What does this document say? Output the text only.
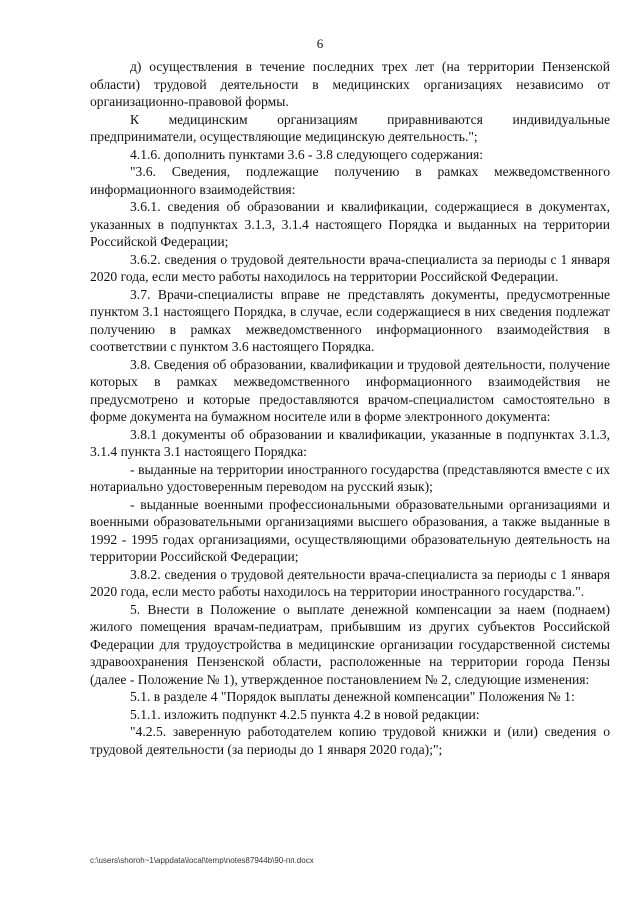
6

д) осуществления в течение последних трех лет (на территории Пензенской области) трудовой деятельности в медицинских организациях независимо от организационно-правовой формы.

К медицинским организациям приравниваются индивидуальные предприниматели, осуществляющие медицинскую деятельность.";

4.1.6. дополнить пунктами 3.6 - 3.8 следующего содержания:

"3.6. Сведения, подлежащие получению в рамках межведомственного информационного взаимодействия:

3.6.1. сведения об образовании и квалификации, содержащиеся в документах, указанных в подпунктах 3.1.3, 3.1.4 настоящего Порядка и выданных на территории Российской Федерации;

3.6.2. сведения о трудовой деятельности врача-специалиста за периоды с 1 января 2020 года, если место работы находилось на территории Российской Федерации.

3.7. Врачи-специалисты вправе не представлять документы, предусмотренные пунктом 3.1 настоящего Порядка, в случае, если содержащиеся в них сведения подлежат получению в рамках межведомственного информационного взаимодействия в соответствии с пунктом 3.6 настоящего Порядка.

3.8. Сведения об образовании, квалификации и трудовой деятельности, получение которых в рамках межведомственного информационного взаимодействия не предусмотрено и которые предоставляются врачом-специалистом самостоятельно в форме документа на бумажном носителе или в форме электронного документа:

3.8.1 документы об образовании и квалификации, указанные в подпунктах 3.1.3, 3.1.4 пункта 3.1 настоящего Порядка:

- выданные на территории иностранного государства (представляются вместе с их нотариально удостоверенным переводом на русский язык);

- выданные военными профессиональными образовательными организациями и военными образовательными организациями высшего образования, а также выданные в 1992 - 1995 годах организациями, осуществляющими образовательную деятельность на территории Российской Федерации;

3.8.2. сведения о трудовой деятельности врача-специалиста за периоды с 1 января 2020 года, если место работы находилось на территории иностранного государства.".

5. Внести в Положение о выплате денежной компенсации за наем (поднаем) жилого помещения врачам-педиатрам, прибывшим из других субъектов Российской Федерации для трудоустройства в медицинские организации государственной системы здравоохранения Пензенской области, расположенные на территории города Пензы (далее - Положение № 1), утвержденное постановлением № 2, следующие изменения:

5.1. в разделе 4 "Порядок выплаты денежной компенсации" Положения № 1:

5.1.1. изложить подпункт 4.2.5 пункта 4.2 в новой редакции:

"4.2.5. заверенную работодателем копию трудовой книжки и (или) сведения о трудовой деятельности (за периоды до 1 января 2020 года);";

c:\users\shoroh~1\appdata\local\temp\notes87944b\90-пп.docx
